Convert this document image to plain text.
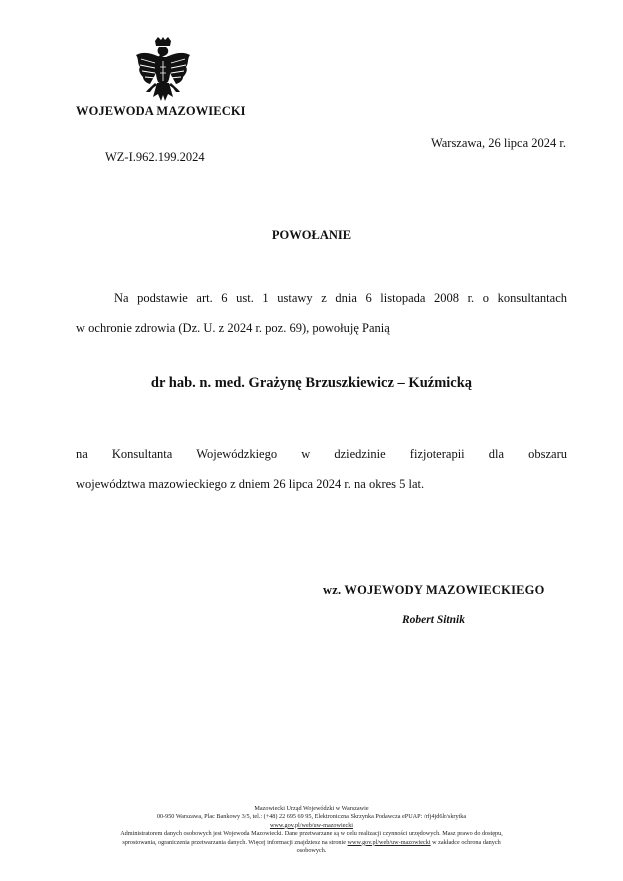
WOJEWODA MAZOWIECKI
Warszawa, 26 lipca 2024 r.
WZ-I.962.199.2024
POWOŁANIE
Na podstawie art. 6 ust. 1 ustawy z dnia 6 listopada 2008 r. o konsultantach
w ochronie zdrowia (Dz. U. z 2024 r. poz. 69), powołuję Panią
dr hab. n. med. Grażynę Brzuszkiewicz – Kuźmicką
na Konsultanta Wojewódzkiego w dziedzinie fizjoterapii dla obszaru
województwa mazowieckiego z dniem 26 lipca 2024 r. na okres 5 lat.
wz. WOJEWODY MAZOWIECKIEGO
Robert Sitnik
Mazowiecki Urząd Wojewódzki w Warszawie
00-950 Warszawa, Plac Bankowy 3/5, tel.: (+48) 22 695 69 95, Elektroniczna Skrzynka Podawcza ePUAP: /rfj4jd6lr/skrytka
www.gov.pl/web/uw-mazowiecki
Administratorem danych osobowych jest Wojewoda Mazowiecki. Dane przetwarzane są w celu realizacji czynności urzędowych. Masz prawo do dostępu,
sprostowania, ograniczenia przetwarzania danych. Więcej informacji znajdziesz na stronie www.gov.pl/web/uw-mazowiecki w zakładce ochrona danych
osobowych.
